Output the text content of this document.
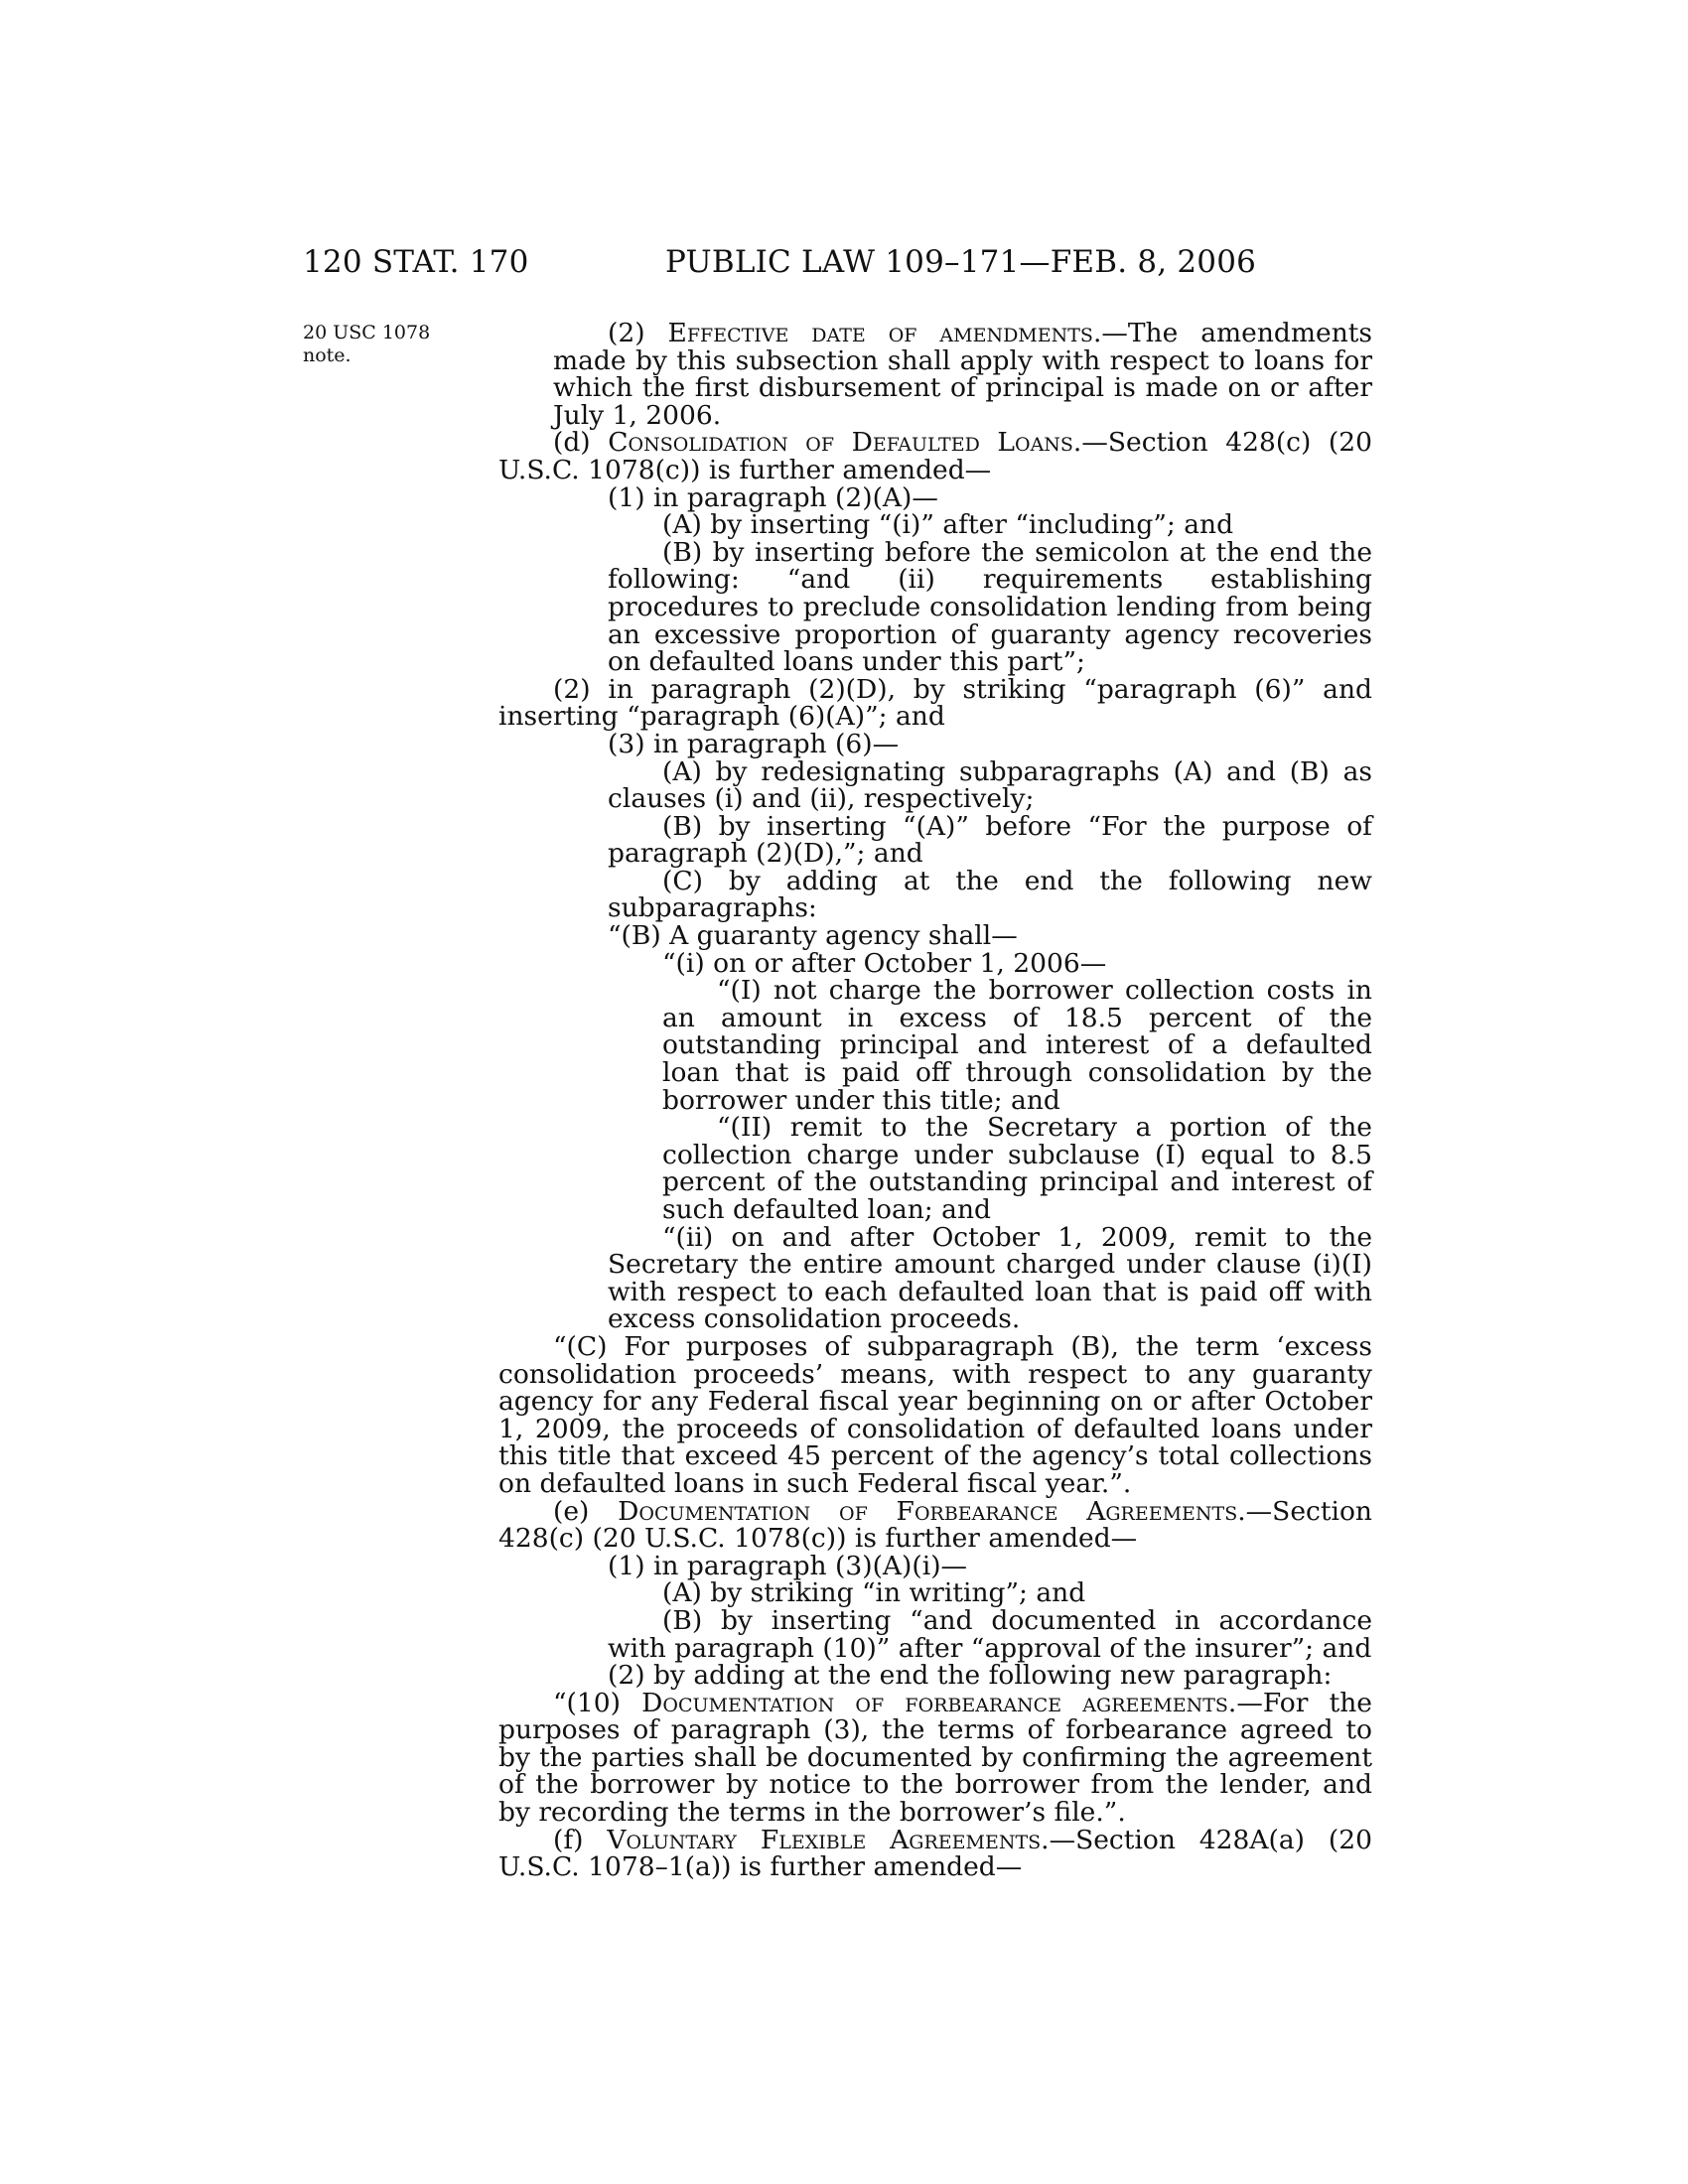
120 STAT. 170	PUBLIC LAW 109–171—FEB. 8, 2006
20 USC 1078
note.

(2) Effective date of amendments.—The amendments made by this subsection shall apply with respect to loans for which the first disbursement of principal is made on or after July 1, 2006.

(d) Consolidation of Defaulted Loans.—Section 428(c) (20 U.S.C. 1078(c)) is further amended—

(1) in paragraph (2)(A)—

(A) by inserting “(i)” after “including”; and

(B) by inserting before the semicolon at the end the following: “and (ii) requirements establishing procedures to preclude consolidation lending from being an excessive proportion of guaranty agency recoveries on defaulted loans under this part”;

(2) in paragraph (2)(D), by striking “paragraph (6)” and inserting “paragraph (6)(A)”; and

(3) in paragraph (6)—

(A) by redesignating subparagraphs (A) and (B) as clauses (i) and (ii), respectively;

(B) by inserting “(A)” before “For the purpose of paragraph (2)(D),”; and

(C) by adding at the end the following new subparagraphs:

“(B) A guaranty agency shall—

“(i) on or after October 1, 2006—

“(I) not charge the borrower collection costs in an amount in excess of 18.5 percent of the outstanding principal and interest of a defaulted loan that is paid off through consolidation by the borrower under this title; and

“(II) remit to the Secretary a portion of the collection charge under subclause (I) equal to 8.5 percent of the outstanding principal and interest of such defaulted loan; and

“(ii) on and after October 1, 2009, remit to the Secretary the entire amount charged under clause (i)(I) with respect to each defaulted loan that is paid off with excess consolidation proceeds.

“(C) For purposes of subparagraph (B), the term ‘excess consolidation proceeds’ means, with respect to any guaranty agency for any Federal fiscal year beginning on or after October 1, 2009, the proceeds of consolidation of defaulted loans under this title that exceed 45 percent of the agency’s total collections on defaulted loans in such Federal fiscal year.”.

(e) Documentation of Forbearance Agreements.—Section 428(c) (20 U.S.C. 1078(c)) is further amended—

(1) in paragraph (3)(A)(i)—

(A) by striking “in writing”; and

(B) by inserting “and documented in accordance with paragraph (10)” after “approval of the insurer”; and

(2) by adding at the end the following new paragraph:

“(10) Documentation of forbearance agreements.—For the purposes of paragraph (3), the terms of forbearance agreed to by the parties shall be documented by confirming the agreement of the borrower by notice to the borrower from the lender, and by recording the terms in the borrower’s file.”.

(f) Voluntary Flexible Agreements.—Section 428A(a) (20 U.S.C. 1078–1(a)) is further amended—
